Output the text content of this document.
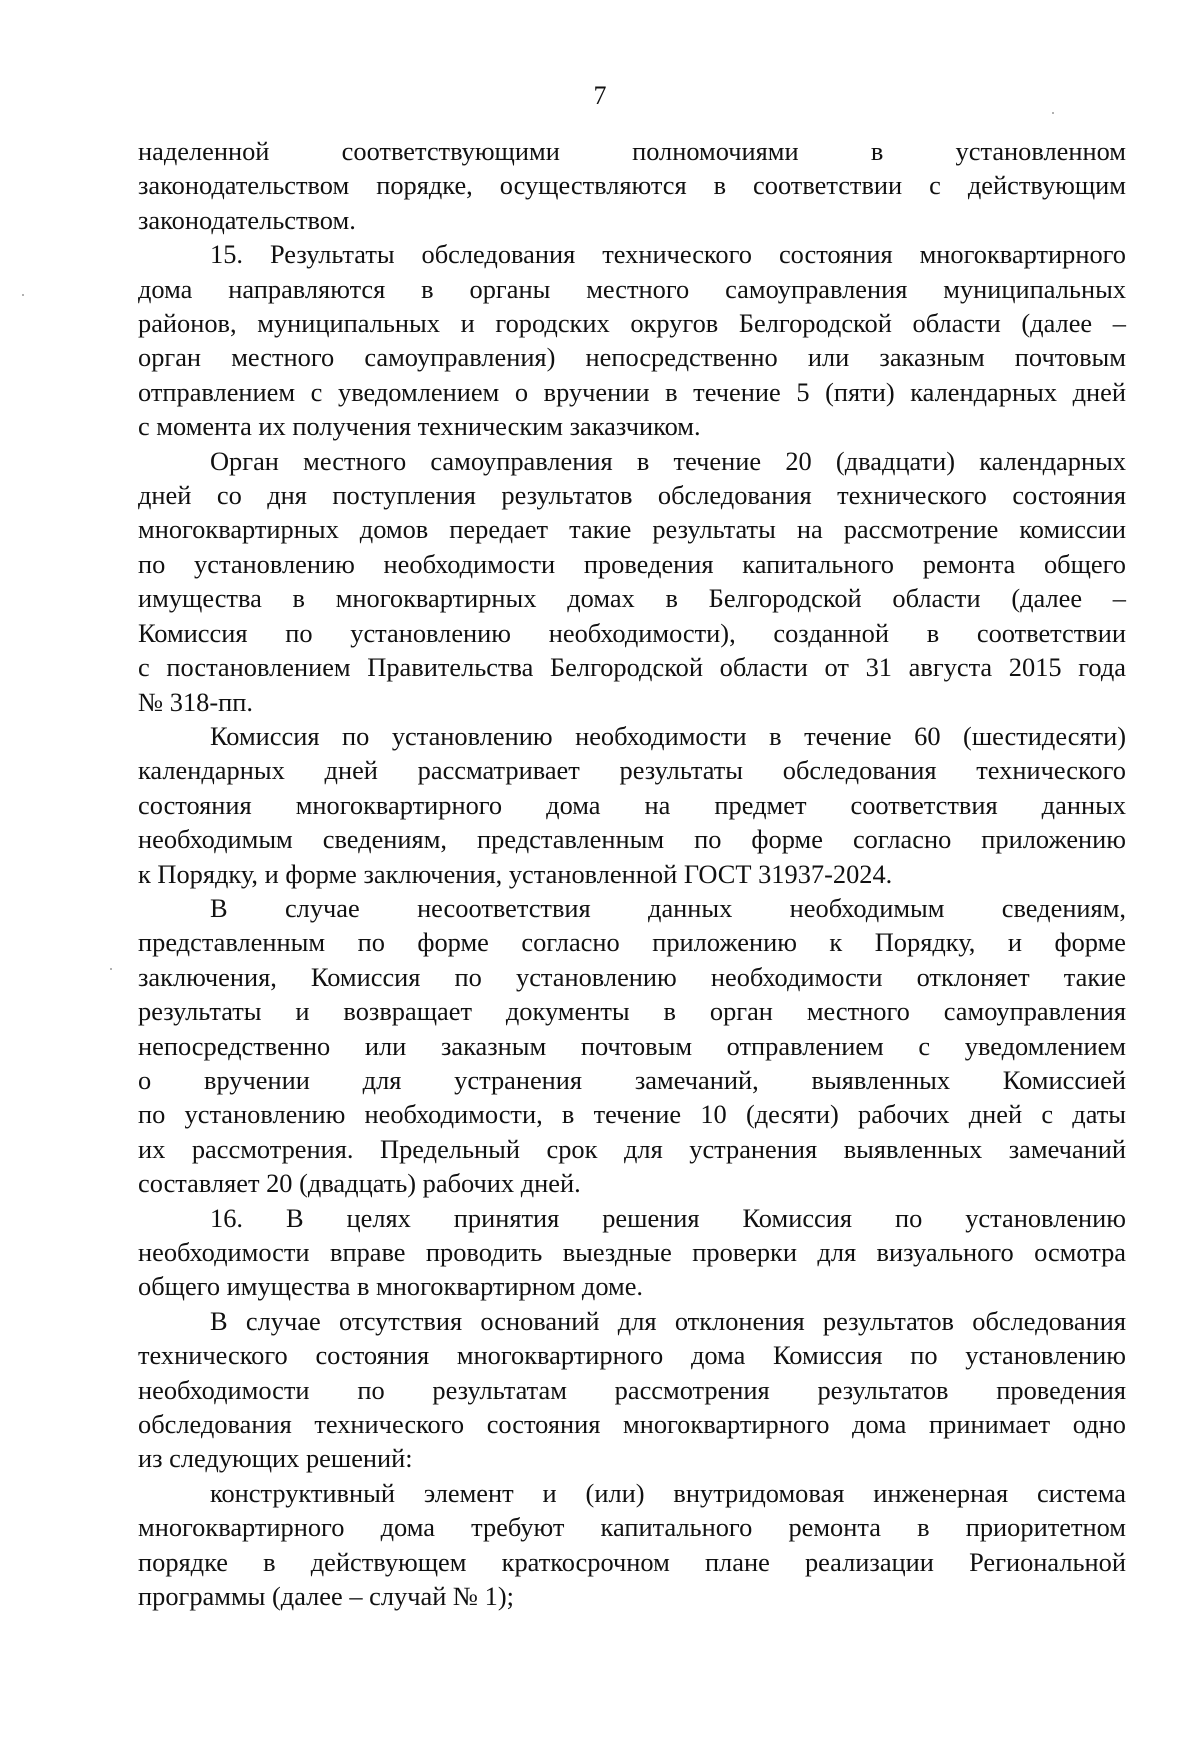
7

наделенной соответствующими полномочиями в установленном
законодательством порядке, осуществляются в соответствии с действующим
законодательством.

15. Результаты обследования технического состояния многоквартирного
дома направляются в органы местного самоуправления муниципальных
районов, муниципальных и городских округов Белгородской области (далее –
орган местного самоуправления) непосредственно или заказным почтовым
отправлением с уведомлением о вручении в течение 5 (пяти) календарных дней
с момента их получения техническим заказчиком.

Орган местного самоуправления в течение 20 (двадцати) календарных
дней со дня поступления результатов обследования технического состояния
многоквартирных домов передает такие результаты на рассмотрение комиссии
по установлению необходимости проведения капитального ремонта общего
имущества в многоквартирных домах в Белгородской области (далее –
Комиссия по установлению необходимости), созданной в соответствии
с постановлением Правительства Белгородской области от 31 августа 2015 года
№ 318-пп.

Комиссия по установлению необходимости в течение 60 (шестидесяти)
календарных дней рассматривает результаты обследования технического
состояния многоквартирного дома на предмет соответствия данных
необходимым сведениям, представленным по форме согласно приложению
к Порядку, и форме заключения, установленной ГОСТ 31937-2024.

В случае несоответствия данных необходимым сведениям,
представленным по форме согласно приложению к Порядку, и форме
заключения, Комиссия по установлению необходимости отклоняет такие
результаты и возвращает документы в орган местного самоуправления
непосредственно или заказным почтовым отправлением с уведомлением
о вручении для устранения замечаний, выявленных Комиссией
по установлению необходимости, в течение 10 (десяти) рабочих дней с даты
их рассмотрения. Предельный срок для устранения выявленных замечаний
составляет 20 (двадцать) рабочих дней.

16. В целях принятия решения Комиссия по установлению
необходимости вправе проводить выездные проверки для визуального осмотра
общего имущества в многоквартирном доме.

В случае отсутствия оснований для отклонения результатов обследования
технического состояния многоквартирного дома Комиссия по установлению
необходимости по результатам рассмотрения результатов проведения
обследования технического состояния многоквартирного дома принимает одно
из следующих решений:

конструктивный элемент и (или) внутридомовая инженерная система
многоквартирного дома требуют капитального ремонта в приоритетном
порядке в действующем краткосрочном плане реализации Региональной
программы (далее – случай № 1);
